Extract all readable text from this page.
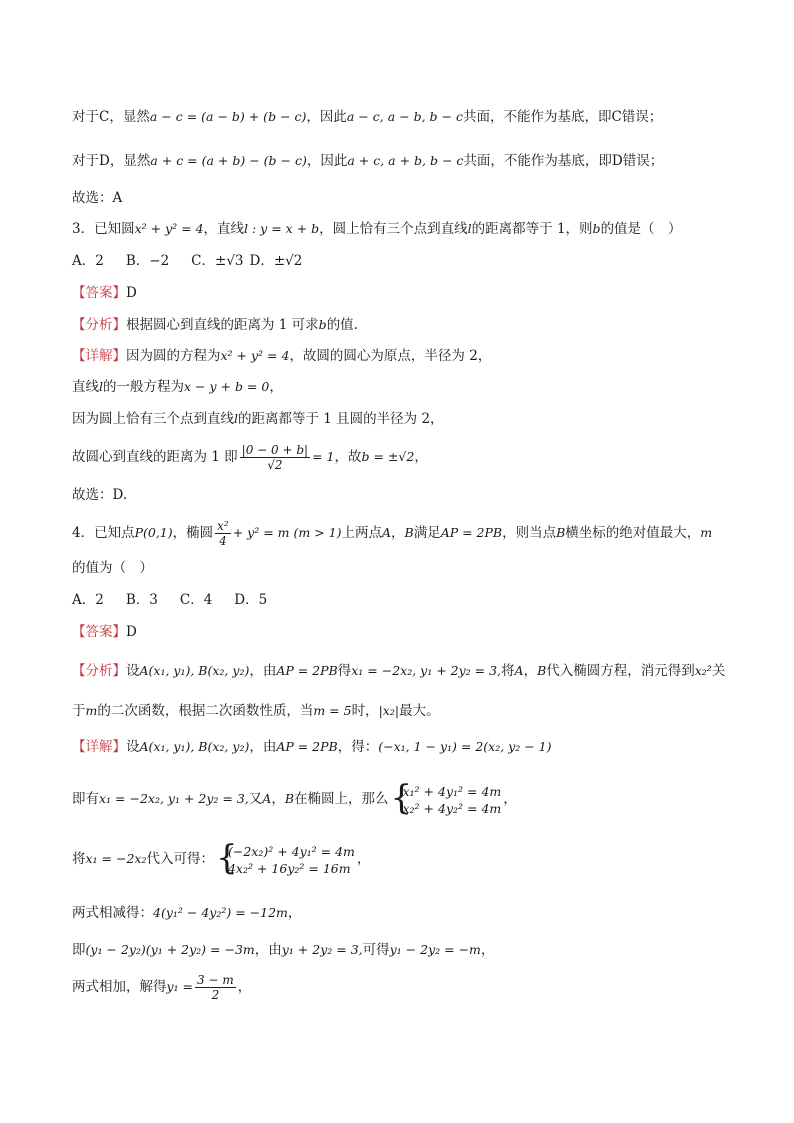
对于C，显然a − c = (a − b) + (b − c)，因此a − c, a − b, b − c共面，不能作为基底，即C错误；
对于D，显然a + c = (a + b) − (b − c)，因此a + c, a + b, b − c共面，不能作为基底，即D错误；
故选：A
3．已知圆x² + y² = 4，直线l : y = x + b，圆上恰有三个点到直线l的距离都等于 1，则b的值是（　）
A．2 B．−2 C．±√3 D．±√2
【答案】D
【分析】根据圆心到直线的距离为 1 可求b的值.
【详解】因为圆的方程为x² + y² = 4，故圆的圆心为原点，半径为 2，
直线l的一般方程为x − y + b = 0，
因为圆上恰有三个点到直线l的距离都等于 1 且圆的半径为 2，
故圆心到直线的距离为 1 即 $\frac{|0 - 0 + b|}{√2} = 1$，故b = ±√2，
故选：D.
4．已知点P(0,1)，椭圆 $\frac{\text{x²}}{4} + y^2 = m$ (m > 1)上两点A，B满足AP = 2PB，则当点B横坐标的绝对值最大，m
的值为（　）
A．2 B．3 C．4 D．5
【答案】D
【分析】设A(x₁, y₁), B(x₂, y₂)，由AP = 2PB得x₁ = −2x₂, y₁ + 2y₂ = 3,将A，B代入椭圆方程，消元得到x₂²关
于m的二次函数，根据二次函数性质，当m = 5时，|x₂|最大。
【详解】设A(x₁, y₁), B(x₂, y₂)，由AP = 2PB，得：(−x₁, 1 − y₁) = 2(x₂, y₂ − 1)
即有x₁ = −2x₂, y₁ + 2y₂ = 3,又A，B在椭圆上，那么 {
x₁² + 4y₁² = 4m
x₂² + 4y₂² = 4m
，
将x₁ = −2x₂代入可得： {
(−2x₂)² + 4y₁² = 4m
4x₂² + 16y₂² = 16m
，
两式相减得：4(y₁² − 4y₂²) = −12m，
即(y₁ − 2y₂)(y₁ + 2y₂) = −3m，由y₁ + 2y₂ = 3,可得y₁ − 2y₂ = −m，
两式相加，解得$y_1 = \frac{3 - m}{2}$ ，
